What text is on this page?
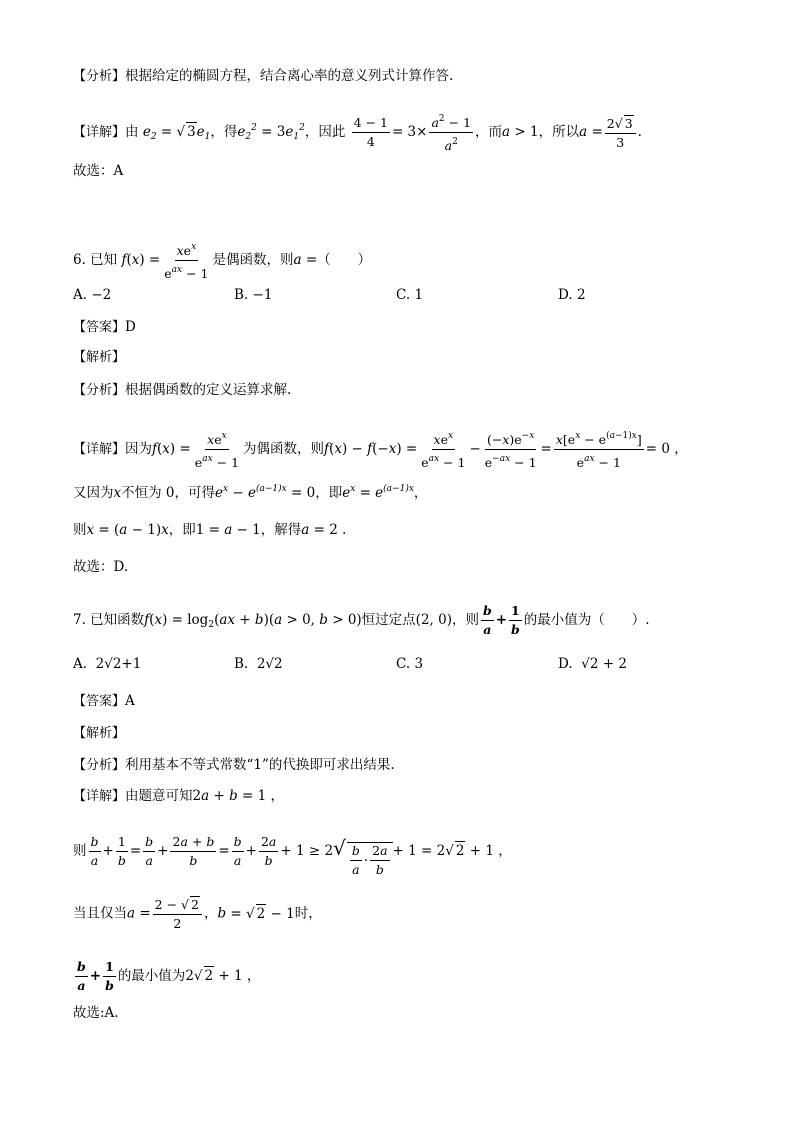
【分析】根据给定的椭圆方程，结合离心率的意义列式计算作答.
【详解】由 $e_2$ = √ $3e_1$，得$e_2^2 = 3e_1^2$，因此 $\frac{4 - 1}{4} = 3\times \frac{a^2 - 1}{a^2}$ ，而a > 1，所以$a = \frac{2√ 3}{3}$ .
故选：A
6. 已知 $f(x) = \frac{xe^x}{e^{ax} - 1}$ 是偶函数，则a =（　　）
A. −2	B. −1	C. 1	D. 2
【答案】D
【解析】
【分析】根据偶函数的定义运算求解.
【详解】因为$f(x) = \frac{xe^x}{e^{ax} - 1}$ 为偶函数，则$f(x) - f(-x) = \frac{xe^x}{e^{ax} - 1} - \frac{(-x)e^{-x}}{e^{-ax} - 1} = \frac{x[e^x - e^{(a-1)x}]}{e^{ax} - 1} = 0$ ，
又因为x不恒为 0，可得$e^x - e^{(a-1)x} = 0$，即$e^x = e^{(a-1)x}$，
则x = (a − 1)x，即1 = a − 1，解得a = 2 .
故选：D.
7. 已知函数$f(x) = \log_2(ax + b)(a > 0$, b > 0)恒过定点(2, 0)，则 $\frac{b}{a} + \frac{1}{b}$ 的最小值为（　　）.
A. 2√2+1	B. 2√2	C. 3	D. √2 + 2
【答案】A
【解析】
【分析】利用基本不等式常数“1”的代换即可求出结果.
【详解】由题意可知2a + b = 1 ，
则 $\frac{b}{a} + \frac{1}{b} = \frac{b}{a} + \frac{2a + b}{b} = \frac{b}{a} + \frac{2a}{b} + 1 \ge 2√ \frac{b}{a} \cdot \frac{2a}{b} + 1 = 2√$ 2 + 1 ，
当且仅当$a = \frac{2 - √ 2}{2}$ ，b = √ 2 − 1时，
$\frac{b}{a} + \frac{1}{b}$ 的最小值为2√ 2 + 1 ，
故选:A.
